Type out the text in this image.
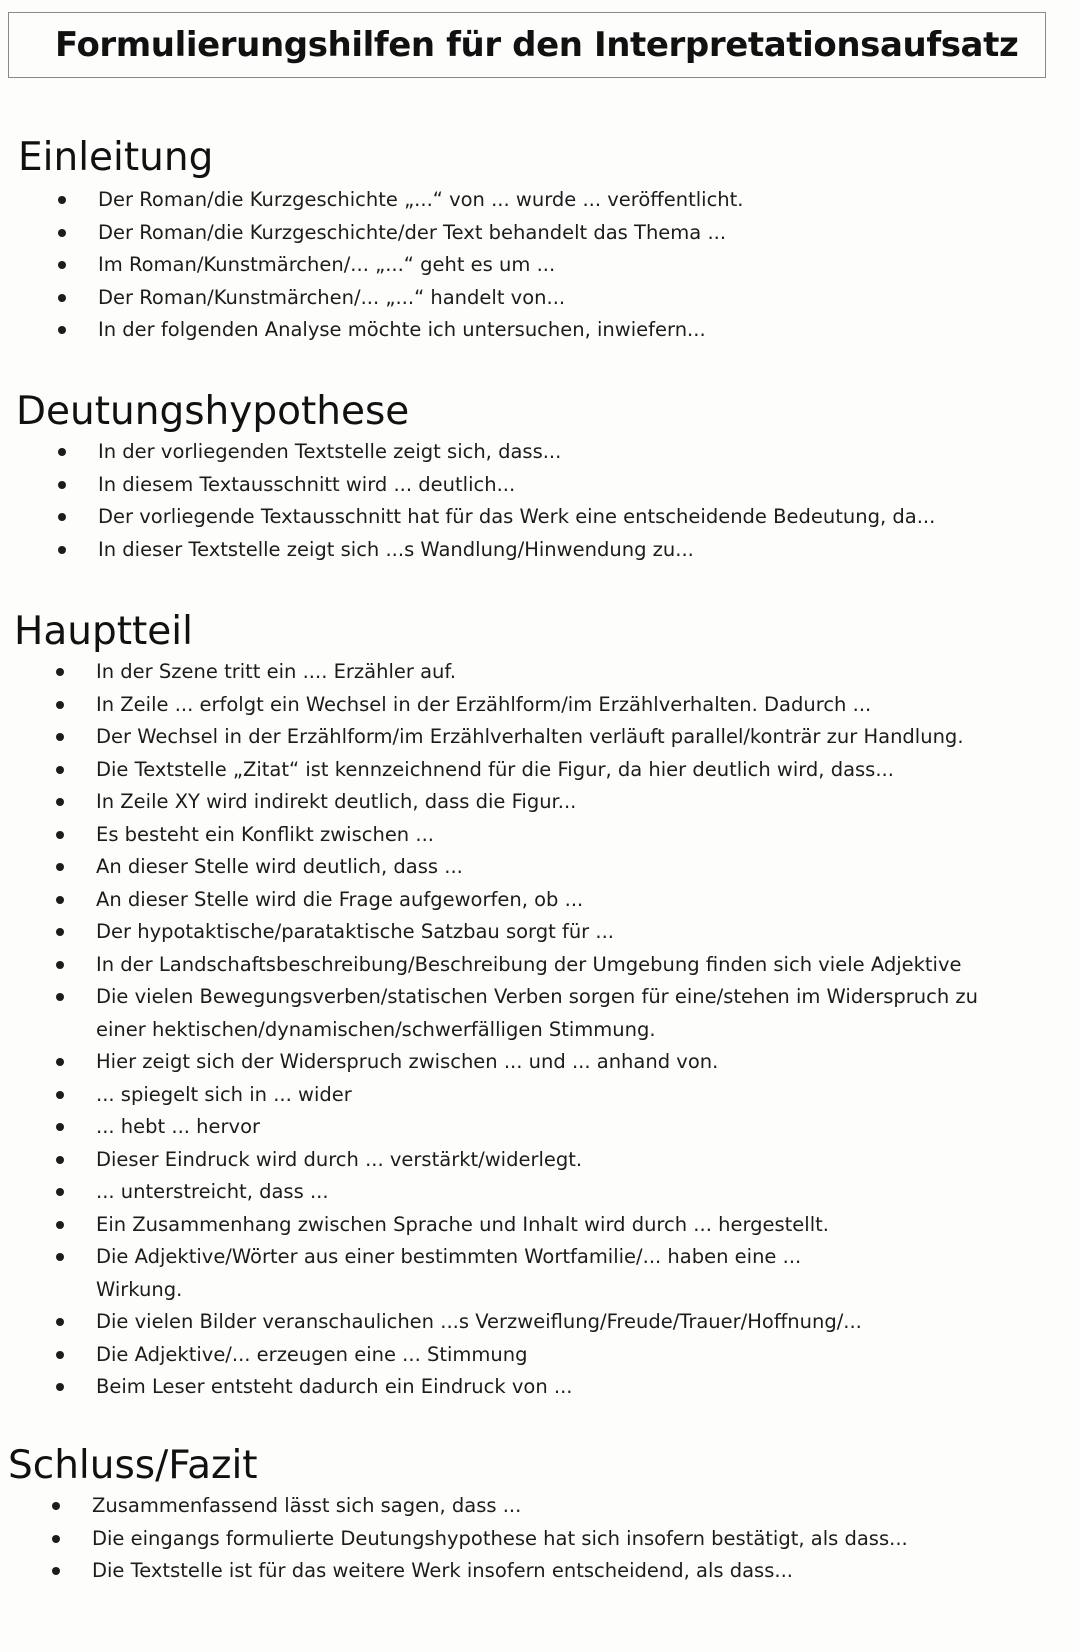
Formulierungshilfen für den Interpretationsaufsatz
Einleitung
Der Roman/die Kurzgeschichte „...“ von ... wurde ... veröffentlicht.
Der Roman/die Kurzgeschichte/der Text behandelt das Thema ...
Im Roman/Kunstmärchen/... „...“ geht es um ...
Der Roman/Kunstmärchen/... „...“ handelt von...
In der folgenden Analyse möchte ich untersuchen, inwiefern...
Deutungshypothese
In der vorliegenden Textstelle zeigt sich, dass...
In diesem Textausschnitt wird ... deutlich...
Der vorliegende Textausschnitt hat für das Werk eine entscheidende Bedeutung, da...
In dieser Textstelle zeigt sich ...s Wandlung/Hinwendung zu...
Hauptteil
In der Szene tritt ein .... Erzähler auf.
In Zeile ... erfolgt ein Wechsel in der Erzählform/im Erzählverhalten. Dadurch ...
Der Wechsel in der Erzählform/im Erzählverhalten verläuft parallel/konträr zur Handlung.
Die Textstelle „Zitat“ ist kennzeichnend für die Figur, da hier deutlich wird, dass...
In Zeile XY wird indirekt deutlich, dass die Figur...
Es besteht ein Konflikt zwischen ...
An dieser Stelle wird deutlich, dass ...
An dieser Stelle wird die Frage aufgeworfen, ob ...
Der hypotaktische/parataktische Satzbau sorgt für ...
In der Landschaftsbeschreibung/Beschreibung der Umgebung finden sich viele Adjektive
Die vielen Bewegungsverben/statischen Verben sorgen für eine/stehen im Widerspruch zu
einer hektischen/dynamischen/schwerfälligen Stimmung.
Hier zeigt sich der Widerspruch zwischen ... und ... anhand von.
... spiegelt sich in ... wider
... hebt ... hervor
Dieser Eindruck wird durch ... verstärkt/widerlegt.
... unterstreicht, dass ...
Ein Zusammenhang zwischen Sprache und Inhalt wird durch ... hergestellt.
Die Adjektive/Wörter aus einer bestimmten Wortfamilie/... haben eine ...
Wirkung.
Die vielen Bilder veranschaulichen ...s Verzweiflung/Freude/Trauer/Hoffnung/...
Die Adjektive/... erzeugen eine ... Stimmung
Beim Leser entsteht dadurch ein Eindruck von ...
Schluss/Fazit
Zusammenfassend lässt sich sagen, dass ...
Die eingangs formulierte Deutungshypothese hat sich insofern bestätigt, als dass...
Die Textstelle ist für das weitere Werk insofern entscheidend, als dass...
